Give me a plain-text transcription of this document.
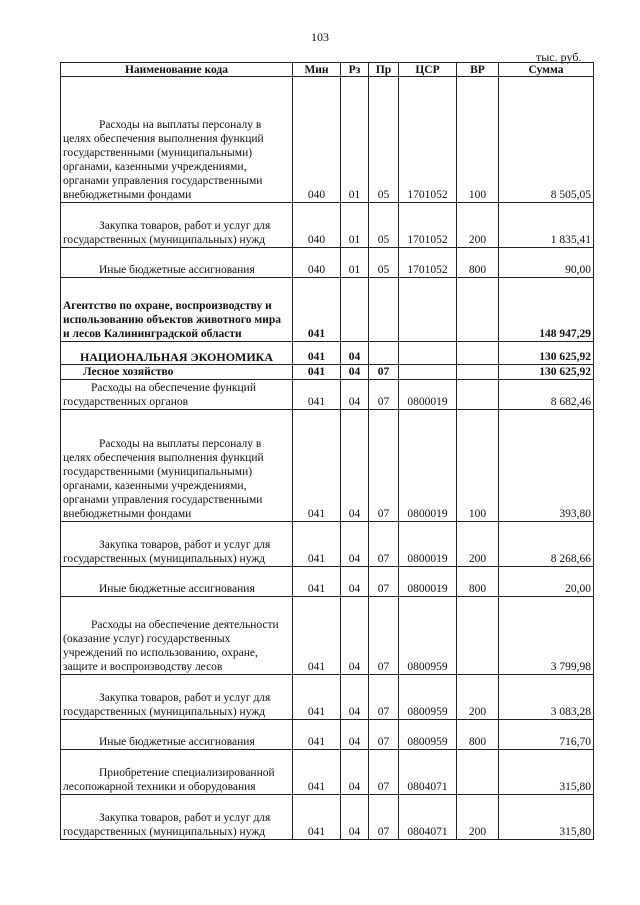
103
тыс. руб.
Наименование кода	Мин	Рз	Пр	ЦСР	ВР	Сумма
Расходы на выплаты персоналу в целях обеспечения выполнения функций государственными (муниципальными) органами, казенными учреждениями, органами управления государственными внебюджетными фондами	040	01	05	1701052	100	8 505,05
Закупка товаров, работ и услуг для государственных (муниципальных) нужд	040	01	05	1701052	200	1 835,41
Иные бюджетные ассигнования	040	01	05	1701052	800	90,00
Агентство по охране, воспроизводству и использованию объектов животного мира и лесов Калининградской области	041					148 947,29
НАЦИОНАЛЬНАЯ ЭКОНОМИКА	041	04				130 625,92
Лесное хозяйство	041	04	07			130 625,92
Расходы на обеспечение функций государственных органов	041	04	07	0800019		8 682,46
Расходы на выплаты персоналу в целях обеспечения выполнения функций государственными (муниципальными) органами, казенными учреждениями, органами управления государственными внебюджетными фондами	041	04	07	0800019	100	393,80
Закупка товаров, работ и услуг для государственных (муниципальных) нужд	041	04	07	0800019	200	8 268,66
Иные бюджетные ассигнования	041	04	07	0800019	800	20,00
Расходы на обеспечение деятельности (оказание услуг) государственных учреждений по использованию, охране, защите и воспроизводству лесов	041	04	07	0800959		3 799,98
Закупка товаров, работ и услуг для государственных (муниципальных) нужд	041	04	07	0800959	200	3 083,28
Иные бюджетные ассигнования	041	04	07	0800959	800	716,70
Приобретение специализированной лесопожарной техники и оборудования	041	04	07	0804071		315,80
Закупка товаров, работ и услуг для государственных (муниципальных) нужд	041	04	07	0804071	200	315,80
